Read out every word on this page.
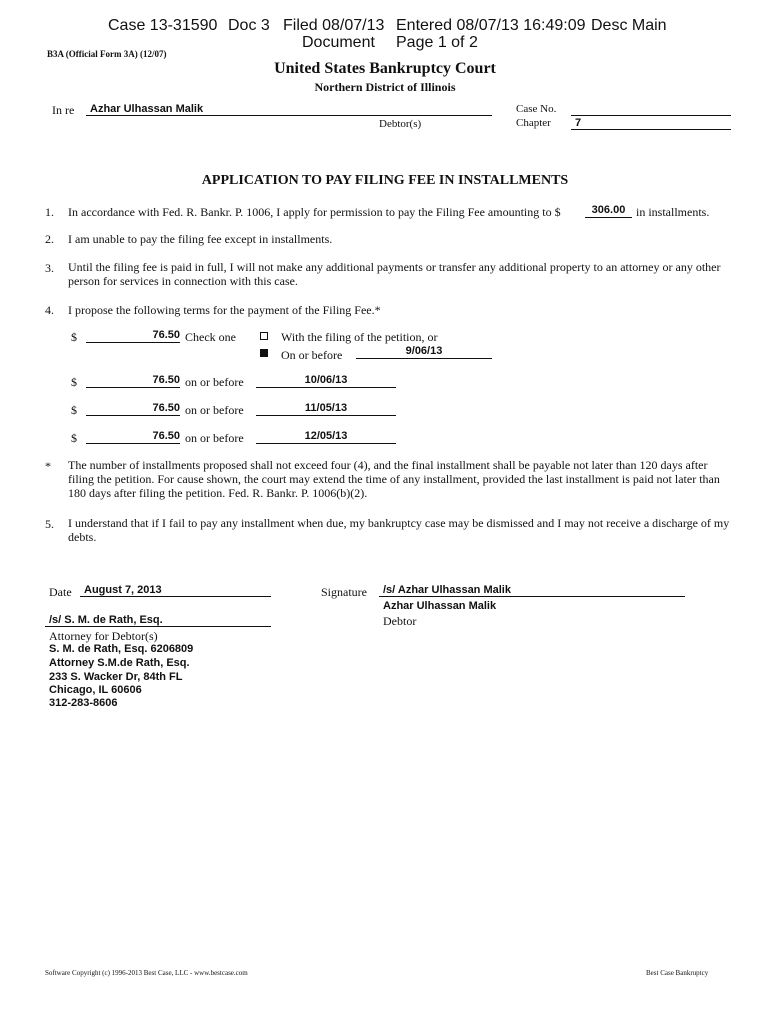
Case 13-31590 Doc 3 Filed 08/07/13 Entered 08/07/13 16:49:09 Desc Main
Document Page 1 of 2
B3A (Official Form 3A) (12/07)
United States Bankruptcy Court
Northern District of Illinois
In re	Azhar Ulhassan Malik
Debtor(s)
Case No.
Chapter	7
APPLICATION TO PAY FILING FEE IN INSTALLMENTS
1. In accordance with Fed. R. Bankr. P. 1006, I apply for permission to pay the Filing Fee amounting to $	306.00 in installments.
2. I am unable to pay the filing fee except in installments.
3. Until the filing fee is paid in full, I will not make any additional payments or transfer any additional property to an attorney or any other person for services in connection with this case.
4. I propose the following terms for the payment of the Filing Fee.*
$	76.50 Check one	With the filing of the petition, or
On or before	9/06/13
$	76.50 on or before	10/06/13
$	76.50 on or before	11/05/13
$	76.50 on or before	12/05/13
* The number of installments proposed shall not exceed four (4), and the final installment shall be payable not later than 120 days after filing the petition. For cause shown, the court may extend the time of any installment, provided the last installment is paid not later than 180 days after filing the petition. Fed. R. Bankr. P. 1006(b)(2).
5. I understand that if I fail to pay any installment when due, my bankruptcy case may be dismissed and I may not receive a discharge of my debts.
Date	August 7, 2013	Signature	/s/ Azhar Ulhassan Malik
Azhar Ulhassan Malik
Debtor
/s/ S. M. de Rath, Esq.
Attorney for Debtor(s)
S. M. de Rath, Esq. 6206809
Attorney S.M.de Rath, Esq.
233 S. Wacker Dr, 84th FL
Chicago, IL 60606
312-283-8606
Software Copyright (c) 1996-2013 Best Case, LLC - www.bestcase.com	Best Case Bankruptcy
